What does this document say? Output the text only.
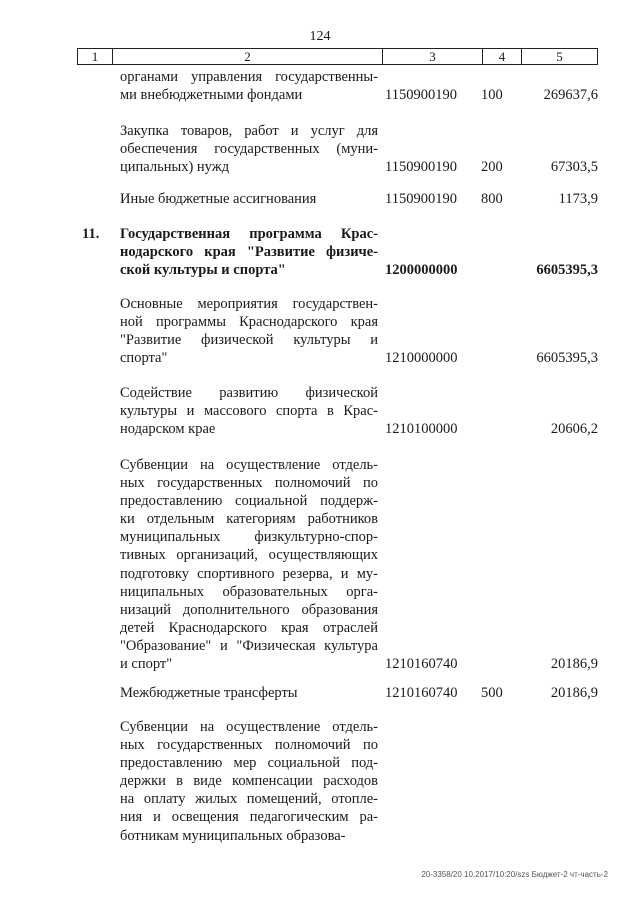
124
1	2	3	4	5
органами управления государственны-
ми внебюджетными фондами	1150900190 100	269637,6
Закупка товаров, работ и услуг для
обеспечения государственных (муни-
ципальных) нужд	1150900190 200	67303,5
Иные бюджетные ассигнования	1150900190 800	1173,9
11. Государственная программа Крас-
нодарского края "Развитие физиче-
ской культуры и спорта"	1200000000	6605395,3
Основные мероприятия государствен-
ной программы Краснодарского края
"Развитие физической культуры и
спорта"	1210000000	6605395,3
Содействие развитию физической
культуры и массового спорта в Крас-
нодарском крае	1210100000	20606,2
Субвенции на осуществление отдель-
ных государственных полномочий по
предоставлению социальной поддерж-
ки отдельным категориям работников
муниципальных физкультурно-спор-
тивных организаций, осуществляющих
подготовку спортивного резерва, и му-
ниципальных образовательных орга-
низаций дополнительного образования
детей Краснодарского края отраслей
"Образование" и "Физическая культура
и спорт"	1210160740	20186,9
Межбюджетные трансферты	1210160740 500	20186,9
Субвенции на осуществление отдель-
ных государственных полномочий по
предоставлению мер социальной под-
держки в виде компенсации расходов
на оплату жилых помещений, отопле-
ния и освещения педагогическим ра-
ботникам муниципальных образова-
20-3358/20 10.2017/10:20/szs Бюджет-2 чт-часть-2
